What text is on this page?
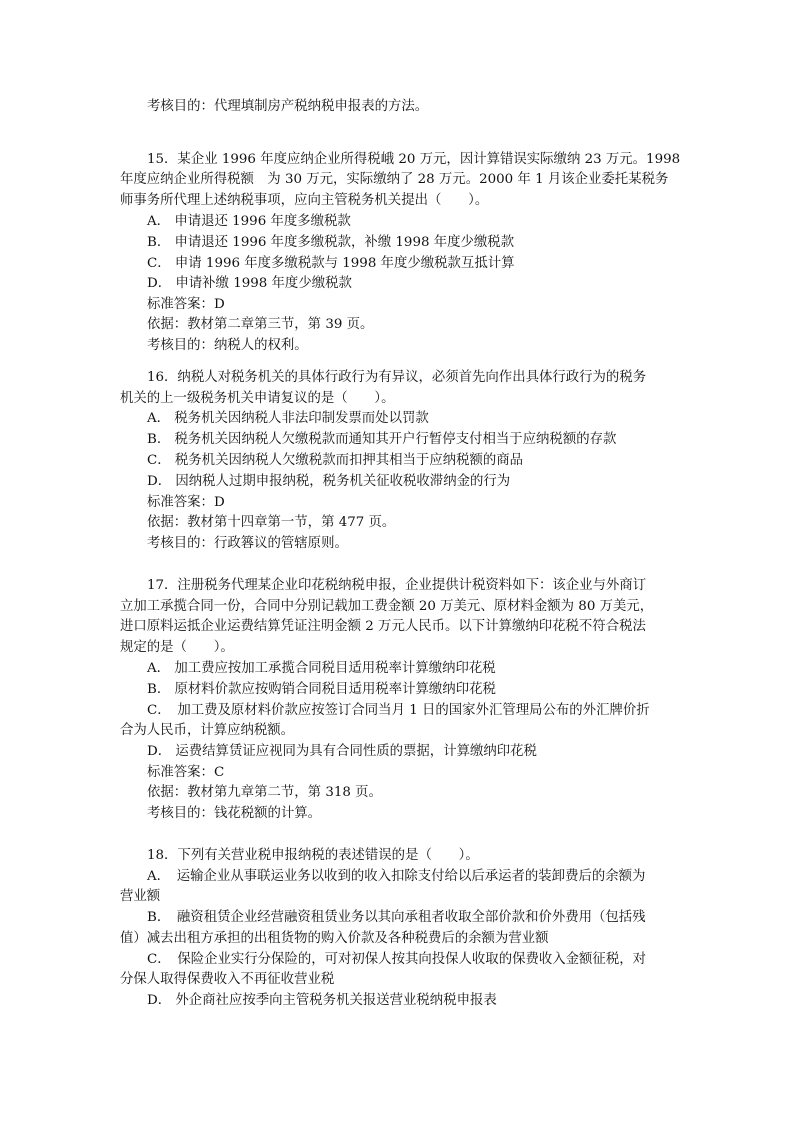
考核目的：代理填制房产税纳税申报表的方法。
15．某企业 1996 年度应纳企业所得税峨 20 万元，因计算错误实际缴纳 23 万元。1998
年度应纳企业所得税额　为 30 万元，实际缴纳了 28 万元。2000 年 1 月该企业委托某税务
师事务所代理上述纳税事项，应向主管税务机关提出（　　）。
A． 申请退还 1996 年度多缴税款
B． 申请退还 1996 年度多缴税款，补缴 1998 年度少缴税款
C． 申请 1996 年度多缴税款与 1998 年度少缴税款互抵计算
D． 申请补缴 1998 年度少缴税款
标准答案：D
依据：教材第二章第三节，第 39 页。
考核目的：纳税人的权利。
16．纳税人对税务机关的具体行政行为有异议，必须首先向作出具体行政行为的税务
机关的上一级税务机关申请复议的是（　　）。
A． 税务机关因纳税人非法印制发票而处以罚款
B． 税务机关因纳税人欠缴税款而通知其开户行暂停支付相当于应纳税额的存款
C． 税务机关因纳税人欠缴税款而扣押其相当于应纳税额的商品
D． 因纳税人过期申报纳税，税务机关征收税收滞纳金的行为
标准答案：D
依据：教材第十四章第一节，第 477 页。
考核目的：行政簭议的管辖原则。
17．注册税务代理某企业印花税纳税申报，企业提供计税资料如下：该企业与外商订
立加工承揽合同一份，合同中分别记载加工费金额 20 万美元、原材料金额为 80 万美元，
进口原料运抵企业运费结算凭证注明金额 2 万元人民币。以下计算缴纳印花税不符合税法
规定的是（　　）。
A． 加工费应按加工承揽合同税目适用税率计算缴纳印花税
B． 原材料价款应按购销合同税目适用税率计算缴纳印花税
C．　加工费及原材料价款应按签订合同当月 1 日的国家外汇管理局公布的外汇牌价折
合为人民币，计算应纳税额。
D． 运费结算赁证应视同为具有合同性质的票据，计算缴纳印花税
标准答案：C
依据：教材第九章第二节，第 318 页。
考核目的：钱花税额的计算。
18．下列有关营业税申报纳税的表述错误的是（　　）。
A．　运输企业从事联运业务以收到的收入扣除支付给以后承运者的装卸费后的余额为
营业额
B．　融资租赁企业经营融资租赁业务以其向承租者收取全部价款和价外费用（包括残
值）减去出租方承担的出租货物的购入价款及各种税费后的余额为营业额
C．　保险企业实行分保险的，可对初保人按其向投保人收取的保费收入金额征税，对
分保人取得保费收入不再征收营业税
D． 外企商社应按季向主管税务机关报送营业税纳税申报表
